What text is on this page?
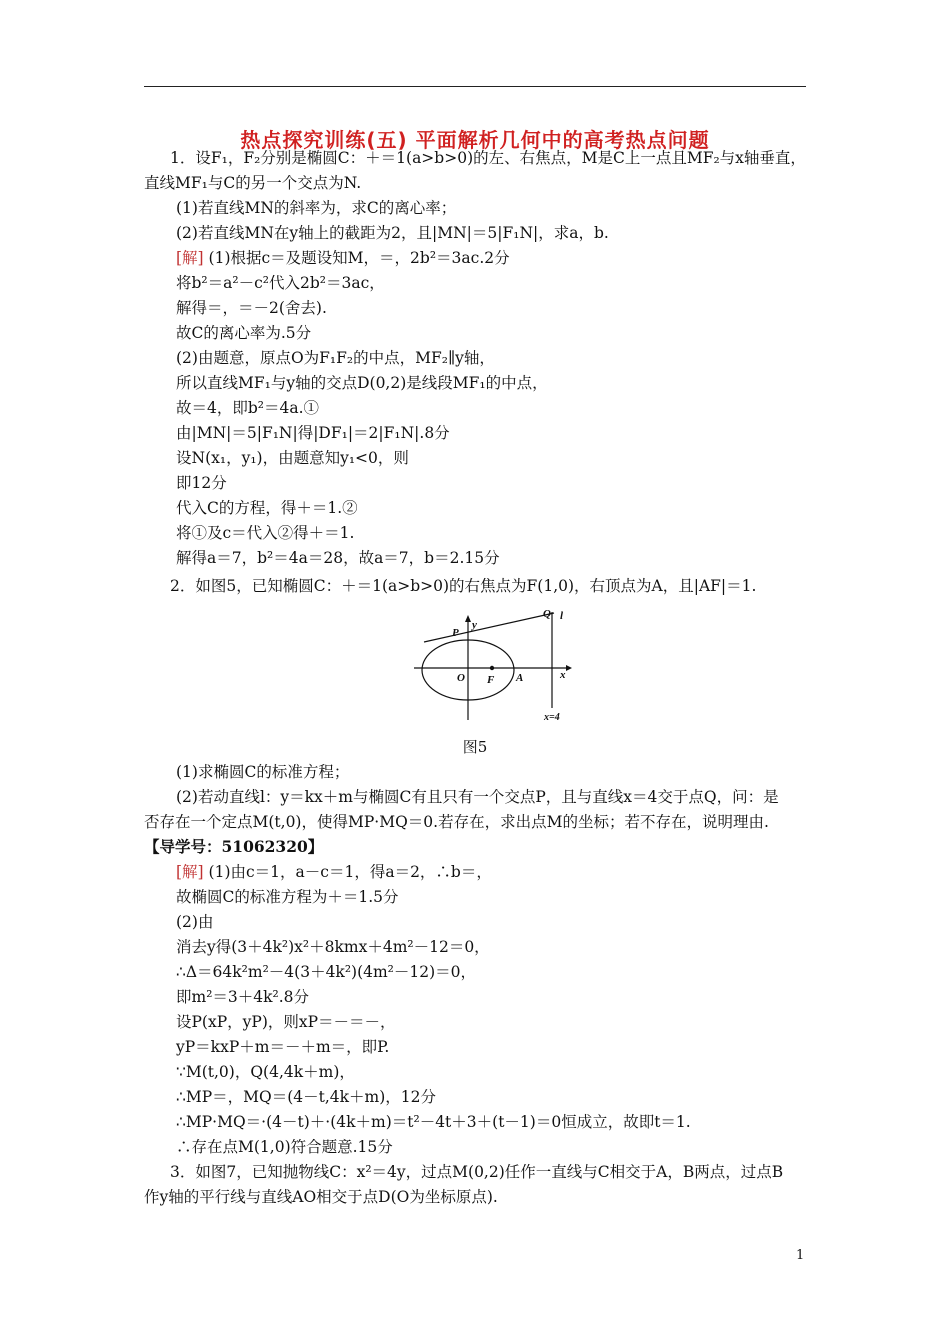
热点探究训练(五) 平面解析几何中的高考热点问题
1．设F₁，F₂分别是椭圆C：＋＝1(a>b>0)的左、右焦点，M是C上一点且MF₂与x轴垂直，
直线MF₁与C的另一个交点为N.
(1)若直线MN的斜率为，求C的离心率；
(2)若直线MN在y轴上的截距为2，且|MN|＝5|F₁N|，求a，b.
[解] (1)根据c＝及题设知M，＝，2b²＝3ac.2分
将b²＝a²－c²代入2b²＝3ac，
解得＝，＝－2(舍去).
故C的离心率为.5分
(2)由题意，原点O为F₁F₂的中点，MF₂∥y轴，
所以直线MF₁与y轴的交点D(0,2)是线段MF₁的中点，
故＝4，即b²＝4a.①
由|MN|＝5|F₁N|得|DF₁|＝2|F₁N|.8分
设N(x₁，y₁)，由题意知y₁<0，则
即12分
代入C的方程，得＋＝1.②
将①及c＝代入②得＋＝1.
解得a＝7，b²＝4a＝28，故a＝7，b＝2.15分
2．如图5，已知椭圆C：＋＝1(a>b>0)的右焦点为F(1,0)，右顶点为A，且|AF|＝1.
Q l
P
y
O F A	x
x=4
图5
(1)求椭圆C的标准方程；
(2)若动直线l：y＝kx＋m与椭圆C有且只有一个交点P，且与直线x＝4交于点Q，问：是
否存在一个定点M(t,0)，使得MP·MQ＝0.若存在，求出点M的坐标；若不存在，说明理由.
【导学号：51062320】
[解] (1)由c＝1，a－c＝1，得a＝2，∴b＝，
故椭圆C的标准方程为＋＝1.5分
(2)由
消去y得(3＋4k²)x²＋8kmx＋4m²－12＝0，
∴Δ＝64k²m²－4(3＋4k²)(4m²－12)＝0，
即m²＝3＋4k².8分
设P(xP，yP)，则xP＝－＝－，
yP＝kxP＋m＝－＋m＝，即P.
∵M(t,0)，Q(4,4k＋m)，
∴MP＝，MQ＝(4－t,4k＋m)，12分
∴MP·MQ＝·(4－t)＋·(4k＋m)＝t²－4t＋3＋(t－1)＝0恒成立，故即t＝1.
∴存在点M(1,0)符合题意.15分
3．如图7，已知抛物线C：x²＝4y，过点M(0,2)任作一直线与C相交于A，B两点，过点B
作y轴的平行线与直线AO相交于点D(O为坐标原点).
1
